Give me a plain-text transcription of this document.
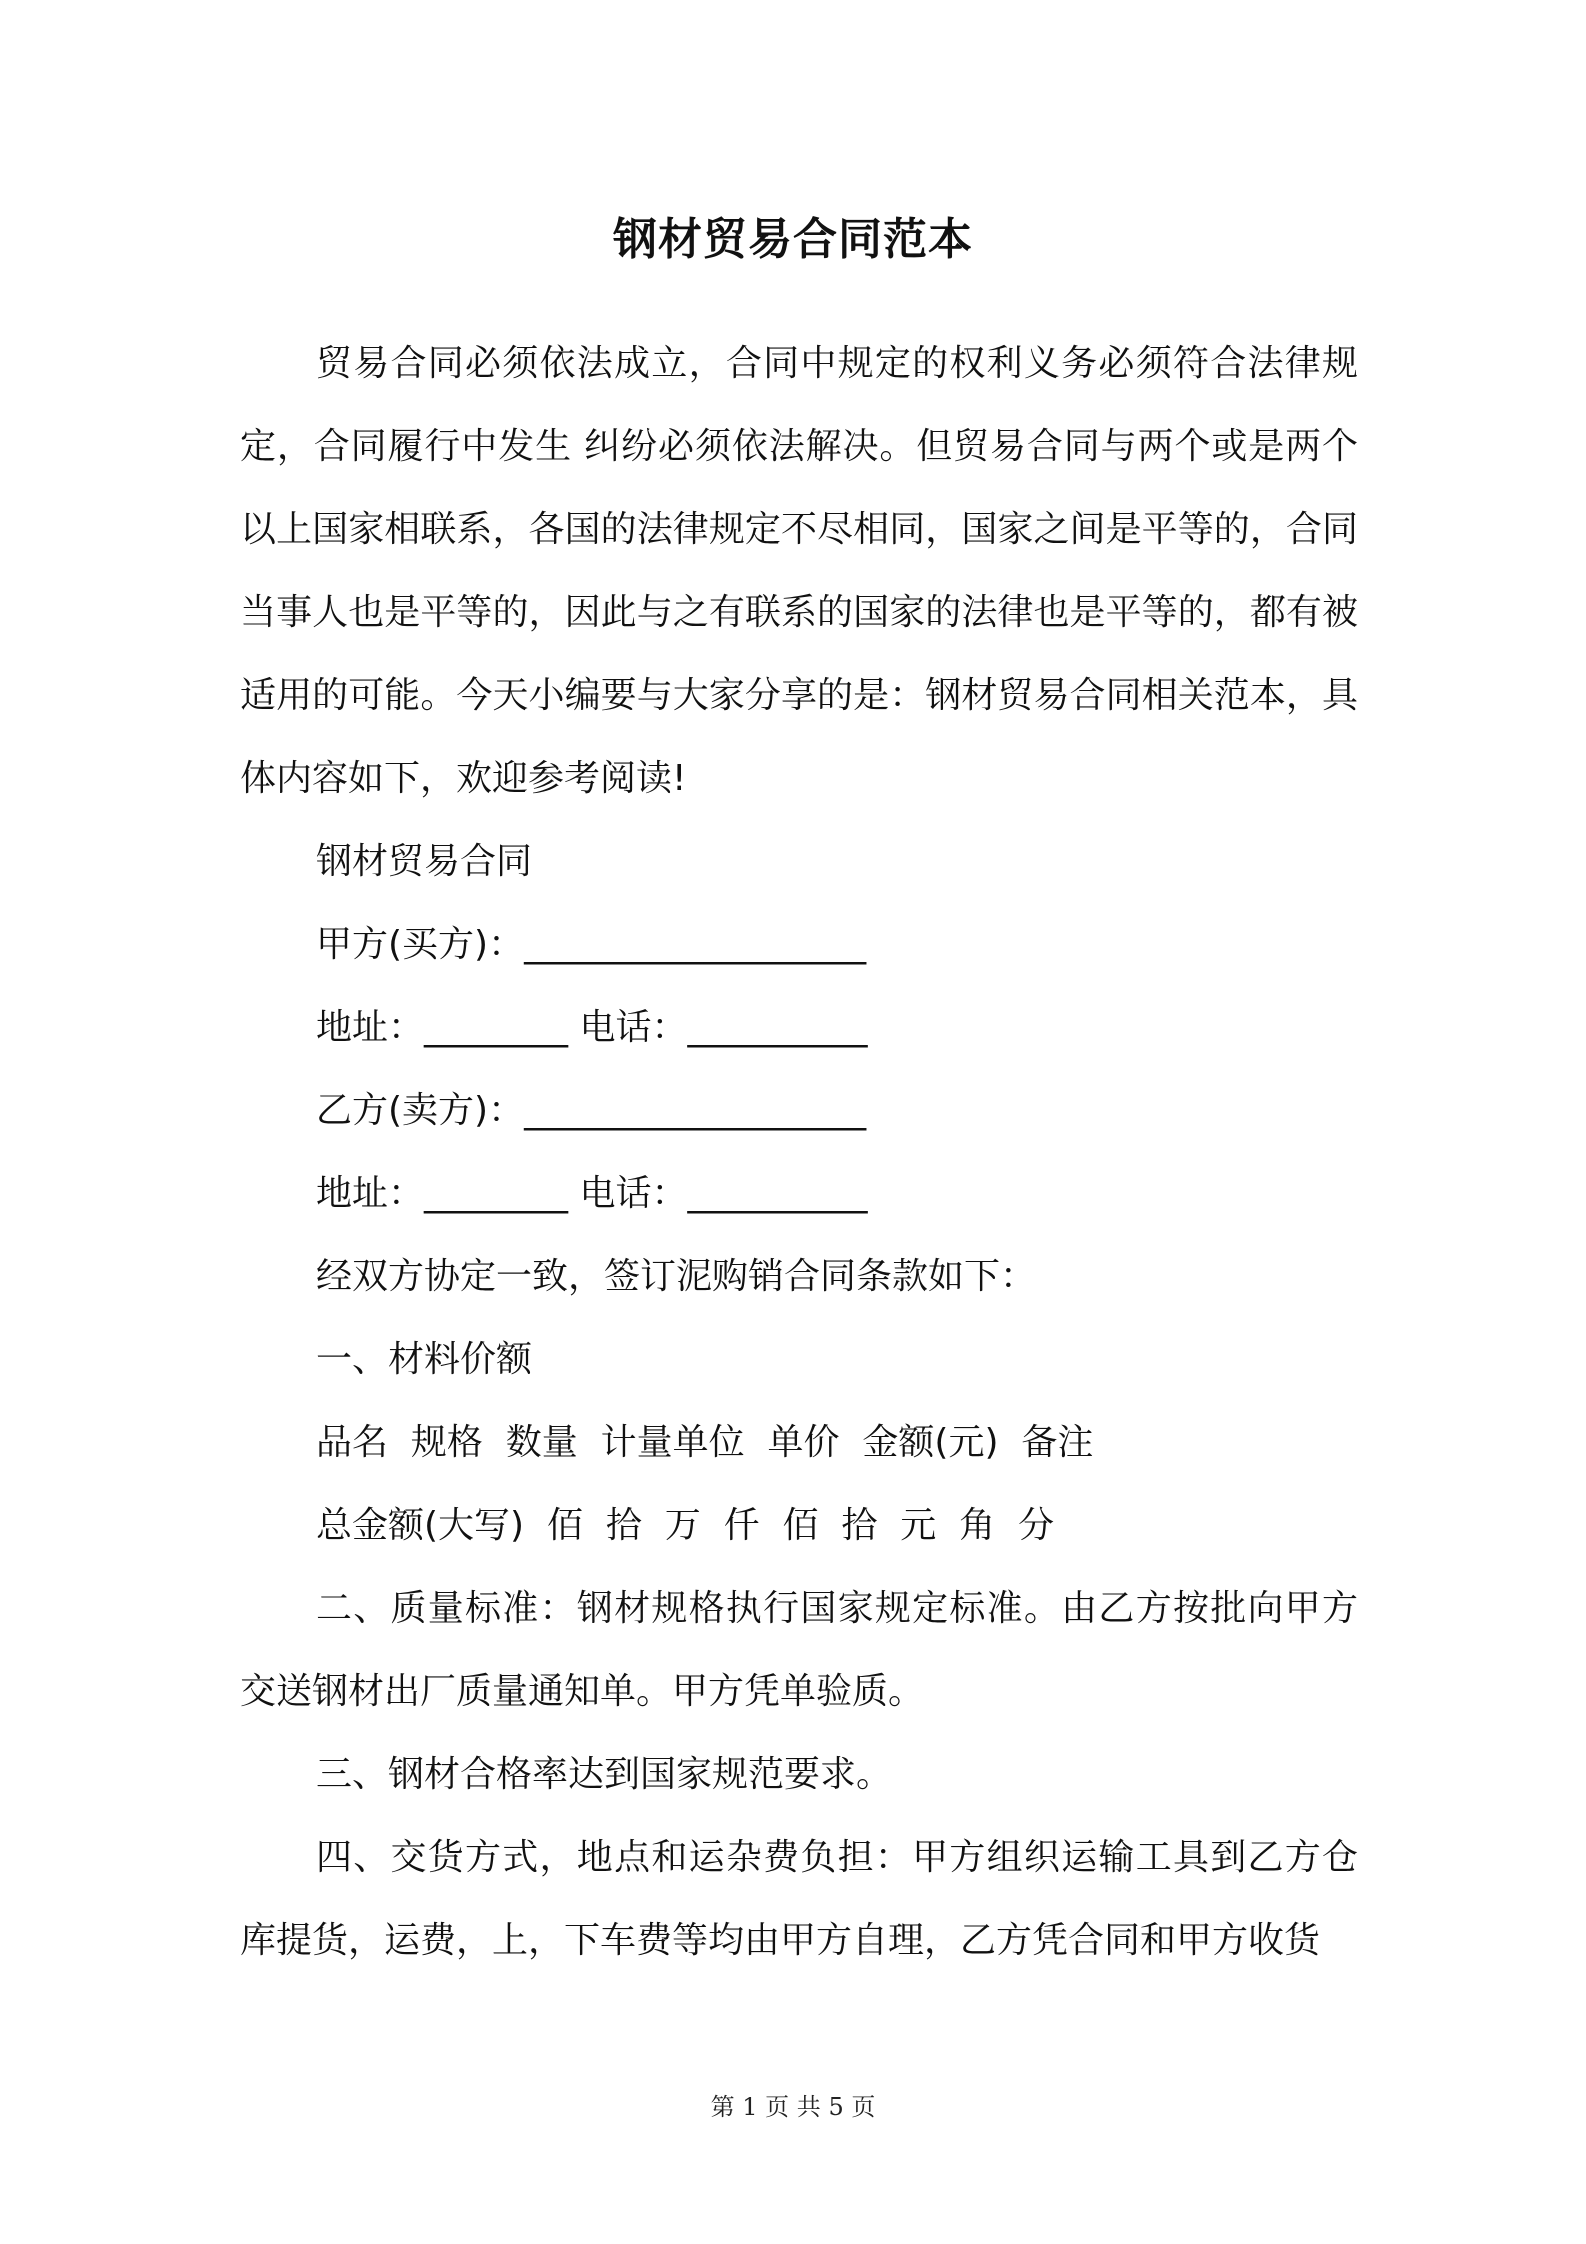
钢材贸易合同范本

贸易合同必须依法成立，合同中规定的权利义务必须符合法律规定，合同履行中发生 纠纷必须依法解决。但贸易合同与两个或是两个以上国家相联系，各国的法律规定不尽相同，国家之间是平等的，合同当事人也是平等的，因此与之有联系的国家的法律也是平等的，都有被适用的可能。今天小编要与大家分享的是：钢材贸易合同相关范本，具体内容如下，欢迎参考阅读!

钢材贸易合同

甲方(买方)：___________________

地址：________ 电话：__________

乙方(卖方)：___________________

地址：________ 电话：__________

经双方协定一致，签订泥购销合同条款如下：

一、材料价额

品名  规格  数量  计量单位  单价  金额(元)  备注

总金额(大写)  佰  拾  万  仟  佰  拾  元  角  分

二、质量标准：钢材规格执行国家规定标准。由乙方按批向甲方交送钢材出厂质量通知单。甲方凭单验质。

三、钢材合格率达到国家规范要求。

四、交货方式，地点和运杂费负担：甲方组织运输工具到乙方仓库提货，运费，上，下车费等均由甲方自理，乙方凭合同和甲方收货

第 1 页 共 5 页
